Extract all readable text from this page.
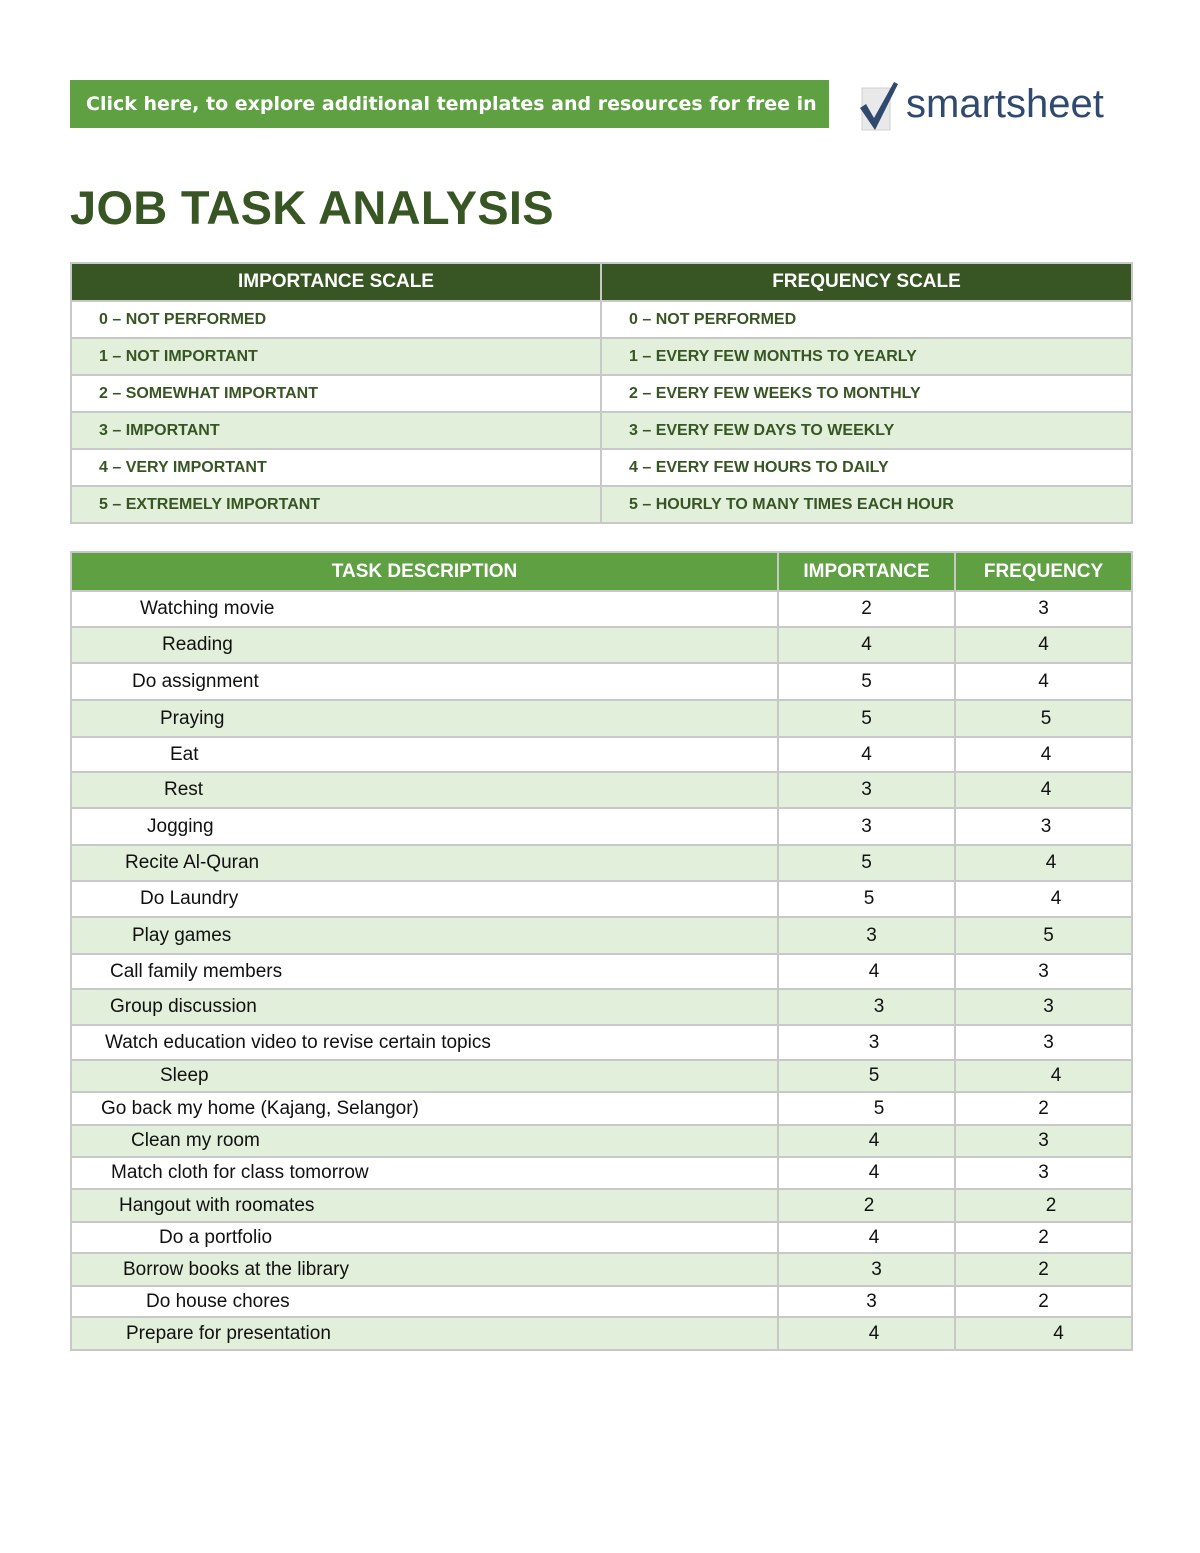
Click here, to explore additional templates and resources for free in	smartsheet
JOB TASK ANALYSIS
IMPORTANCE SCALE	FREQUENCY SCALE
0 – NOT PERFORMED	0 – NOT PERFORMED
1 – NOT IMPORTANT	1 – EVERY FEW MONTHS TO YEARLY
2 – SOMEWHAT IMPORTANT	2 – EVERY FEW WEEKS TO MONTHLY
3 – IMPORTANT	3 – EVERY FEW DAYS TO WEEKLY
4 – VERY IMPORTANT	4 – EVERY FEW HOURS TO DAILY
5 – EXTREMELY IMPORTANT	5 – HOURLY TO MANY TIMES EACH HOUR
TASK DESCRIPTION	IMPORTANCE	FREQUENCY
Watching movie	2	3
Reading	4	4
Do assignment	5	4
Praying	5	5
Eat	4	4
Rest	3	4
Jogging	3	3
Recite Al-Quran	5	4
Do Laundry	5	4
Play games	3	5
Call family members	4	3
Group discussion	3	3
Watch education video to revise certain topics	3	3
Sleep	5	4
Go back my home (Kajang, Selangor)	5	2
Clean my room	4	3
Match cloth for class tomorrow	4	3
Hangout with roomates	2	2
Do a portfolio	4	2
Borrow books at the library	3	2
Do house chores	3	2
Prepare for presentation	4	4
